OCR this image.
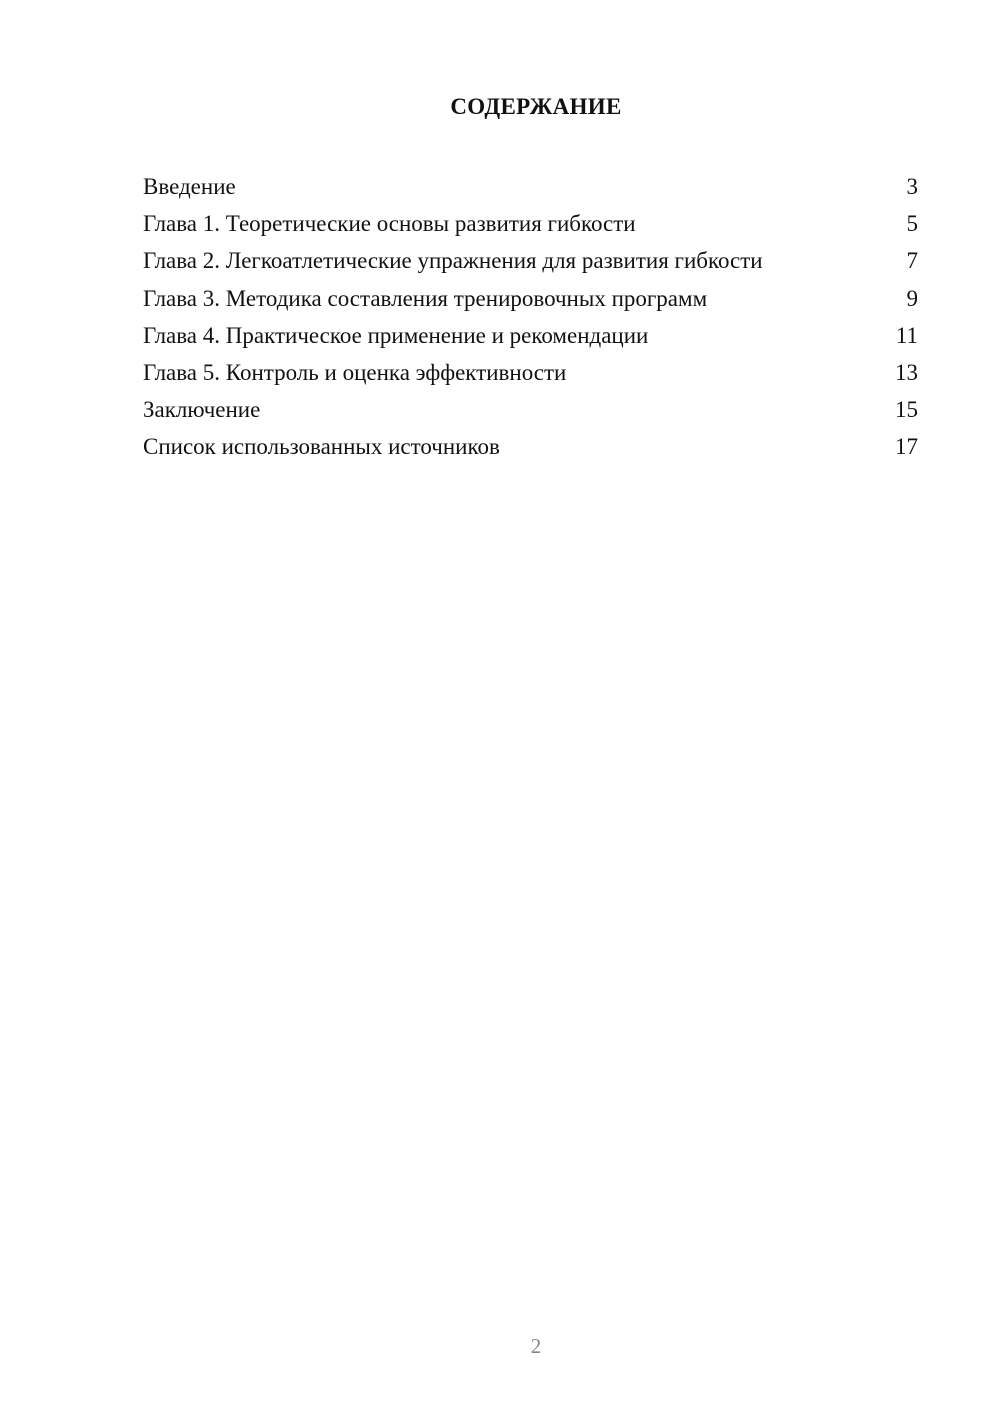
СОДЕРЖАНИЕ
Введение	3
Глава 1. Теоретические основы развития гибкости	5
Глава 2. Легкоатлетические упражнения для развития гибкости	7
Глава 3. Методика составления тренировочных программ	9
Глава 4. Практическое применение и рекомендации	11
Глава 5. Контроль и оценка эффективности	13
Заключение	15
Список использованных источников	17
2
